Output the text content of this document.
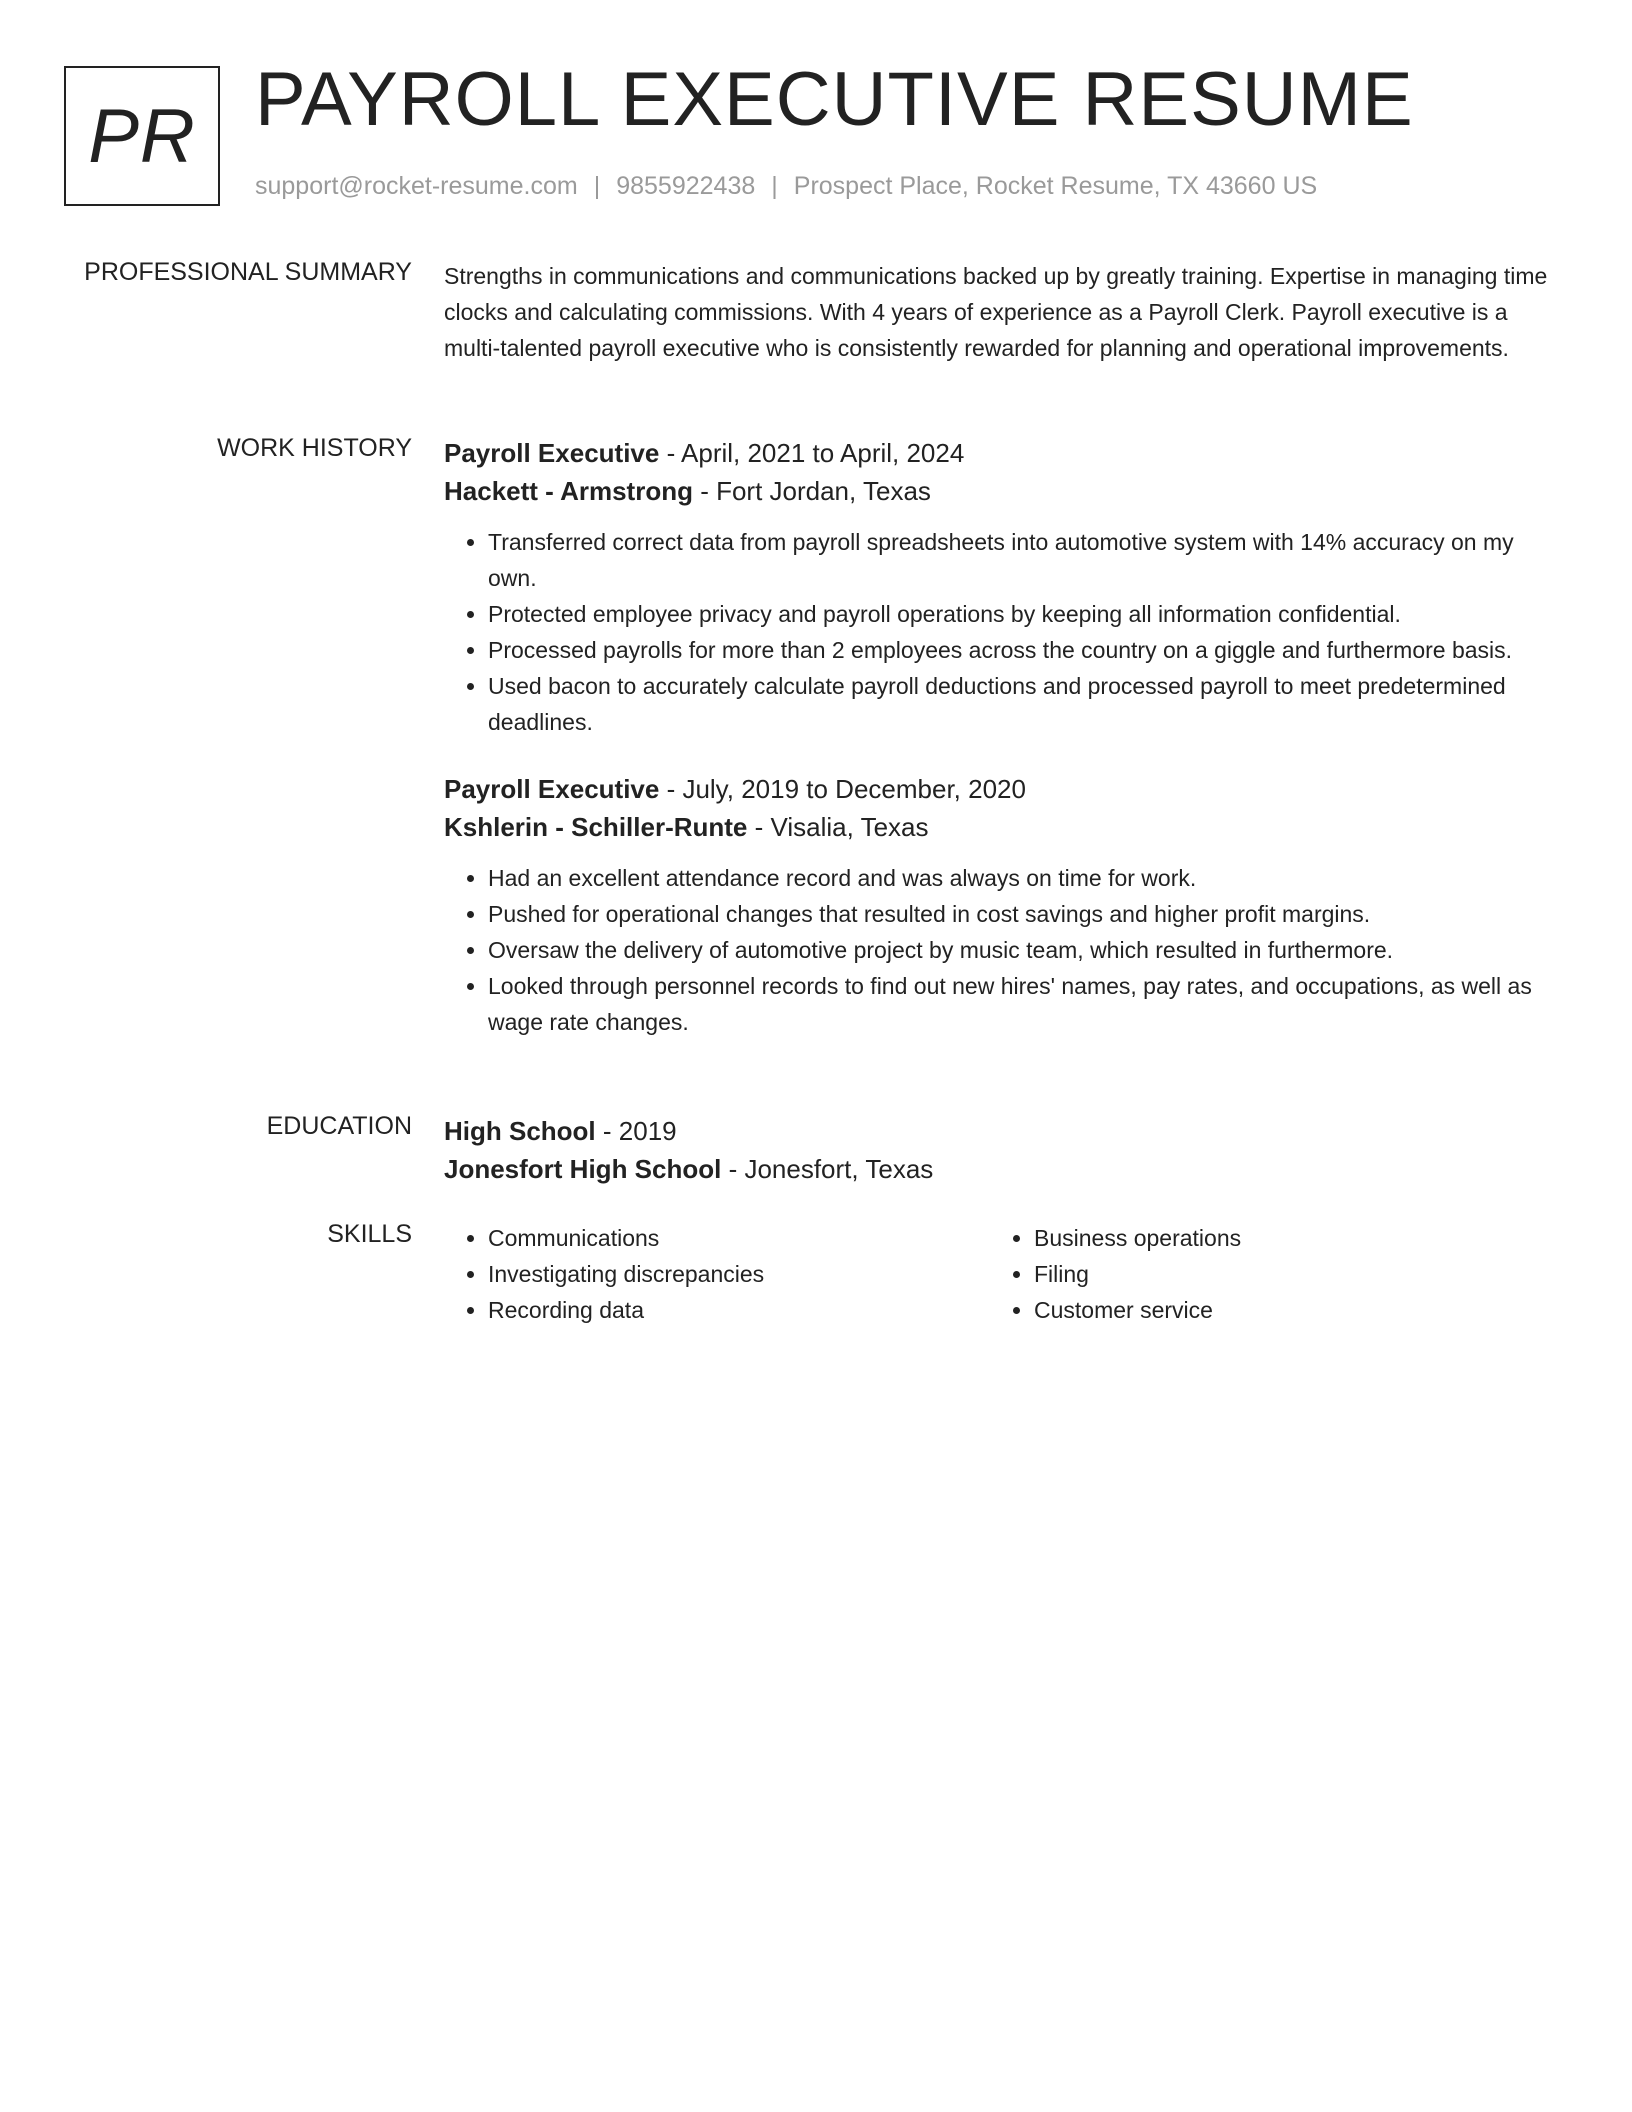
PR PAYROLL EXECUTIVE RESUME
support@rocket-resume.com | 9855922438 | Prospect Place, Rocket Resume, TX 43660 US
PROFESSIONAL SUMMARY Strengths in communications and communications backed up by greatly training. Expertise in managing time clocks and calculating commissions. With 4 years of experience as a Payroll Clerk. Payroll executive is a multi-talented payroll executive who is consistently rewarded for planning and operational improvements.

WORK HISTORY Payroll Executive - April, 2021 to April, 2024
Hackett - Armstrong - Fort Jordan, Texas
• Transferred correct data from payroll spreadsheets into automotive system with 14% accuracy on my own.
• Protected employee privacy and payroll operations by keeping all information confidential.
• Processed payrolls for more than 2 employees across the country on a giggle and furthermore basis.
• Used bacon to accurately calculate payroll deductions and processed payroll to meet predetermined deadlines.
Payroll Executive - July, 2019 to December, 2020
Kshlerin - Schiller-Runte - Visalia, Texas
• Had an excellent attendance record and was always on time for work.
• Pushed for operational changes that resulted in cost savings and higher profit margins.
• Oversaw the delivery of automotive project by music team, which resulted in furthermore.
• Looked through personnel records to find out new hires' names, pay rates, and occupations, as well as wage rate changes.
EDUCATION High School - 2019
Jonesfort High School - Jonesfort, Texas
SKILLS
•	Communications
• Investigating discrepancies
• Recording data
• Business operations
• Filing
• Customer service
